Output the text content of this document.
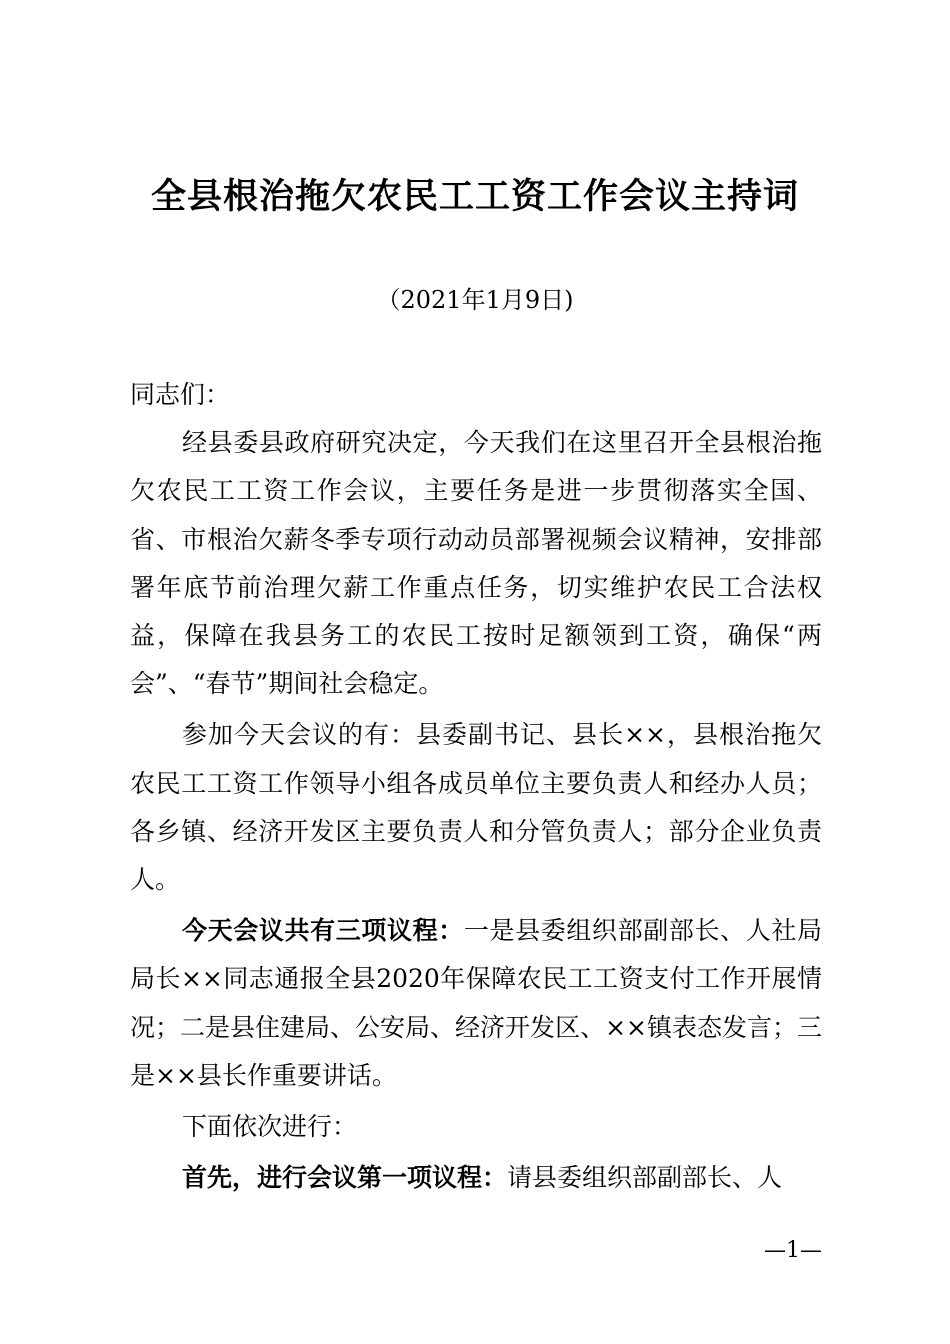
全县根治拖欠农民工工资工作会议主持词
（2021年1月9日)

同志们：

经县委县政府研究决定，今天我们在这里召开全县根治拖欠农民工工资工作会议，主要任务是进一步贯彻落实全国、省、市根治欠薪冬季专项行动动员部署视频会议精神，安排部署年底节前治理欠薪工作重点任务，切实维护农民工合法权益，保障在我县务工的农民工按时足额领到工资，确保“两会”、“春节”期间社会稳定。

参加今天会议的有：县委副书记、县长××，县根治拖欠农民工工资工作领导小组各成员单位主要负责人和经办人员；各乡镇、经济开发区主要负责人和分管负责人；部分企业负责人。

今天会议共有三项议程：一是县委组织部副部长、人社局局长××同志通报全县2020年保障农民工工资支付工作开展情况；二是县住建局、公安局、经济开发区、××镇表态发言；三是××县长作重要讲话。

下面依次进行：

首先，进行会议第一项议程：请县委组织部副部长、人

—1—
